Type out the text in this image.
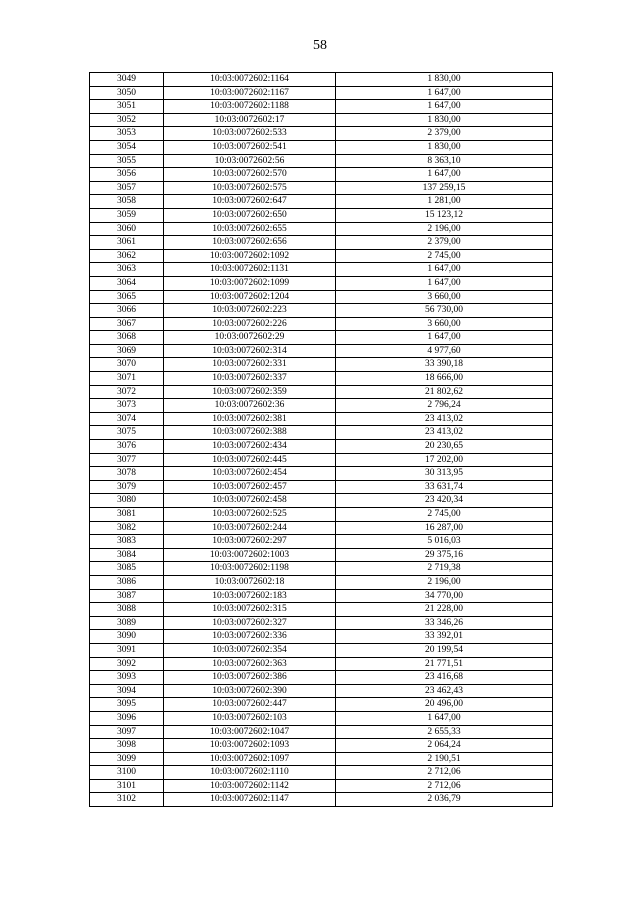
58
3049	10:03:0072602:1164	1 830,00
3050	10:03:0072602:1167	1 647,00
3051	10:03:0072602:1188	1 647,00
3052	10:03:0072602:17	1 830,00
3053	10:03:0072602:533	2 379,00
3054	10:03:0072602:541	1 830,00
3055	10:03:0072602:56	8 363,10
3056	10:03:0072602:570	1 647,00
3057	10:03:0072602:575	137 259,15
3058	10:03:0072602:647	1 281,00
3059	10:03:0072602:650	15 123,12
3060	10:03:0072602:655	2 196,00
3061	10:03:0072602:656	2 379,00
3062	10:03:0072602:1092	2 745,00
3063	10:03:0072602:1131	1 647,00
3064	10:03:0072602:1099	1 647,00
3065	10:03:0072602:1204	3 660,00
3066	10:03:0072602:223	56 730,00
3067	10:03:0072602:226	3 660,00
3068	10:03:0072602:29	1 647,00
3069	10:03:0072602:314	4 977,60
3070	10:03:0072602:331	33 390,18
3071	10:03:0072602:337	18 666,00
3072	10:03:0072602:359	21 802,62
3073	10:03:0072602:36	2 796,24
3074	10:03:0072602:381	23 413,02
3075	10:03:0072602:388	23 413,02
3076	10:03:0072602:434	20 230,65
3077	10:03:0072602:445	17 202,00
3078	10:03:0072602:454	30 313,95
3079	10:03:0072602:457	33 631,74
3080	10:03:0072602:458	23 420,34
3081	10:03:0072602:525	2 745,00
3082	10:03:0072602:244	16 287,00
3083	10:03:0072602:297	5 016,03
3084	10:03:0072602:1003	29 375,16
3085	10:03:0072602:1198	2 719,38
3086	10:03:0072602:18	2 196,00
3087	10:03:0072602:183	34 770,00
3088	10:03:0072602:315	21 228,00
3089	10:03:0072602:327	33 346,26
3090	10:03:0072602:336	33 392,01
3091	10:03:0072602:354	20 199,54
3092	10:03:0072602:363	21 771,51
3093	10:03:0072602:386	23 416,68
3094	10:03:0072602:390	23 462,43
3095	10:03:0072602:447	20 496,00
3096	10:03:0072602:103	1 647,00
3097	10:03:0072602:1047	2 655,33
3098	10:03:0072602:1093	2 064,24
3099	10:03:0072602:1097	2 190,51
3100	10:03:0072602:1110	2 712,06
3101	10:03:0072602:1142	2 712,06
3102	10:03:0072602:1147	2 036,79
